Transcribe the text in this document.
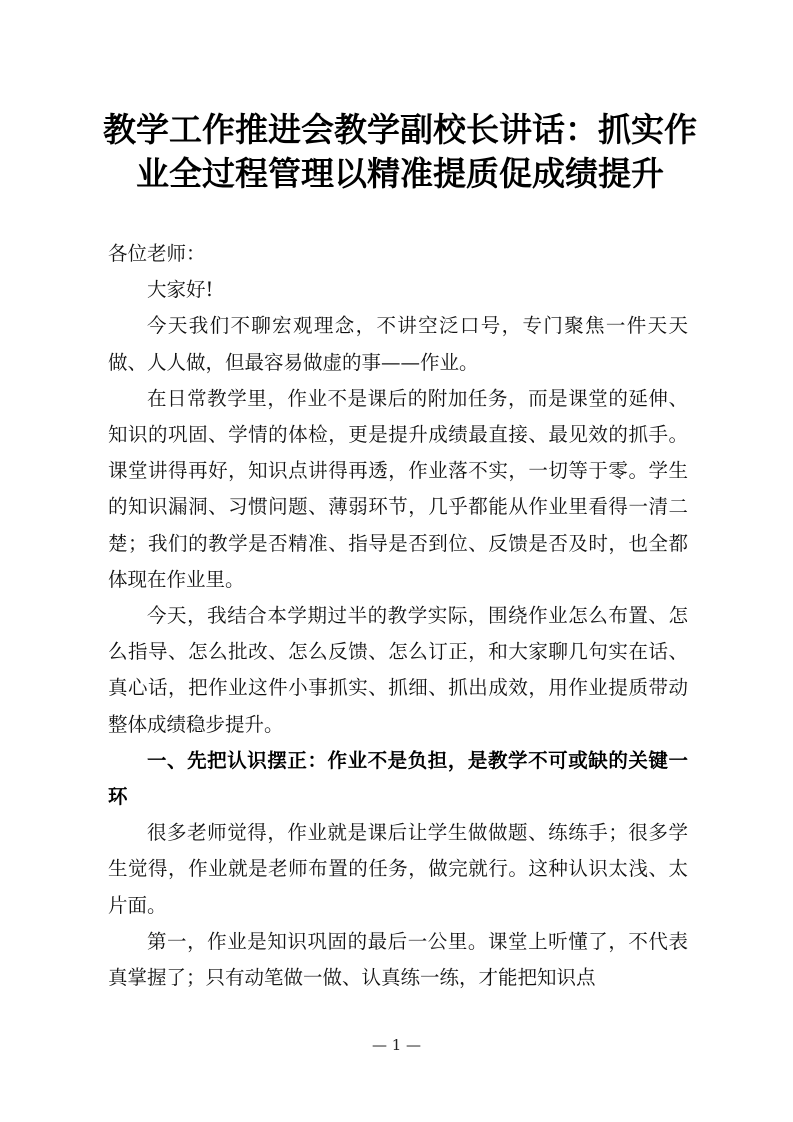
教学工作推进会教学副校长讲话：抓实作业全过程管理以精准提质促成绩提升

各位老师：

大家好!

今天我们不聊宏观理念，不讲空泛口号，专门聚焦一件天天做、人人做，但最容易做虚的事——作业。

在日常教学里，作业不是课后的附加任务，而是课堂的延伸、知识的巩固、学情的体检，更是提升成绩最直接、最见效的抓手。课堂讲得再好，知识点讲得再透，作业落不实，一切等于零。学生的知识漏洞、习惯问题、薄弱环节，几乎都能从作业里看得一清二楚；我们的教学是否精准、指导是否到位、反馈是否及时，也全都体现在作业里。

今天，我结合本学期过半的教学实际，围绕作业怎么布置、怎么指导、怎么批改、怎么反馈、怎么订正，和大家聊几句实在话、真心话，把作业这件小事抓实、抓细、抓出成效，用作业提质带动整体成绩稳步提升。

一、先把认识摆正：作业不是负担，是教学不可或缺的关键一环

很多老师觉得，作业就是课后让学生做做题、练练手；很多学生觉得，作业就是老师布置的任务，做完就行。这种认识太浅、太片面。

第一，作业是知识巩固的最后一公里。课堂上听懂了，不代表真掌握了；只有动笔做一做、认真练一练，才能把知识点

— 1 —
